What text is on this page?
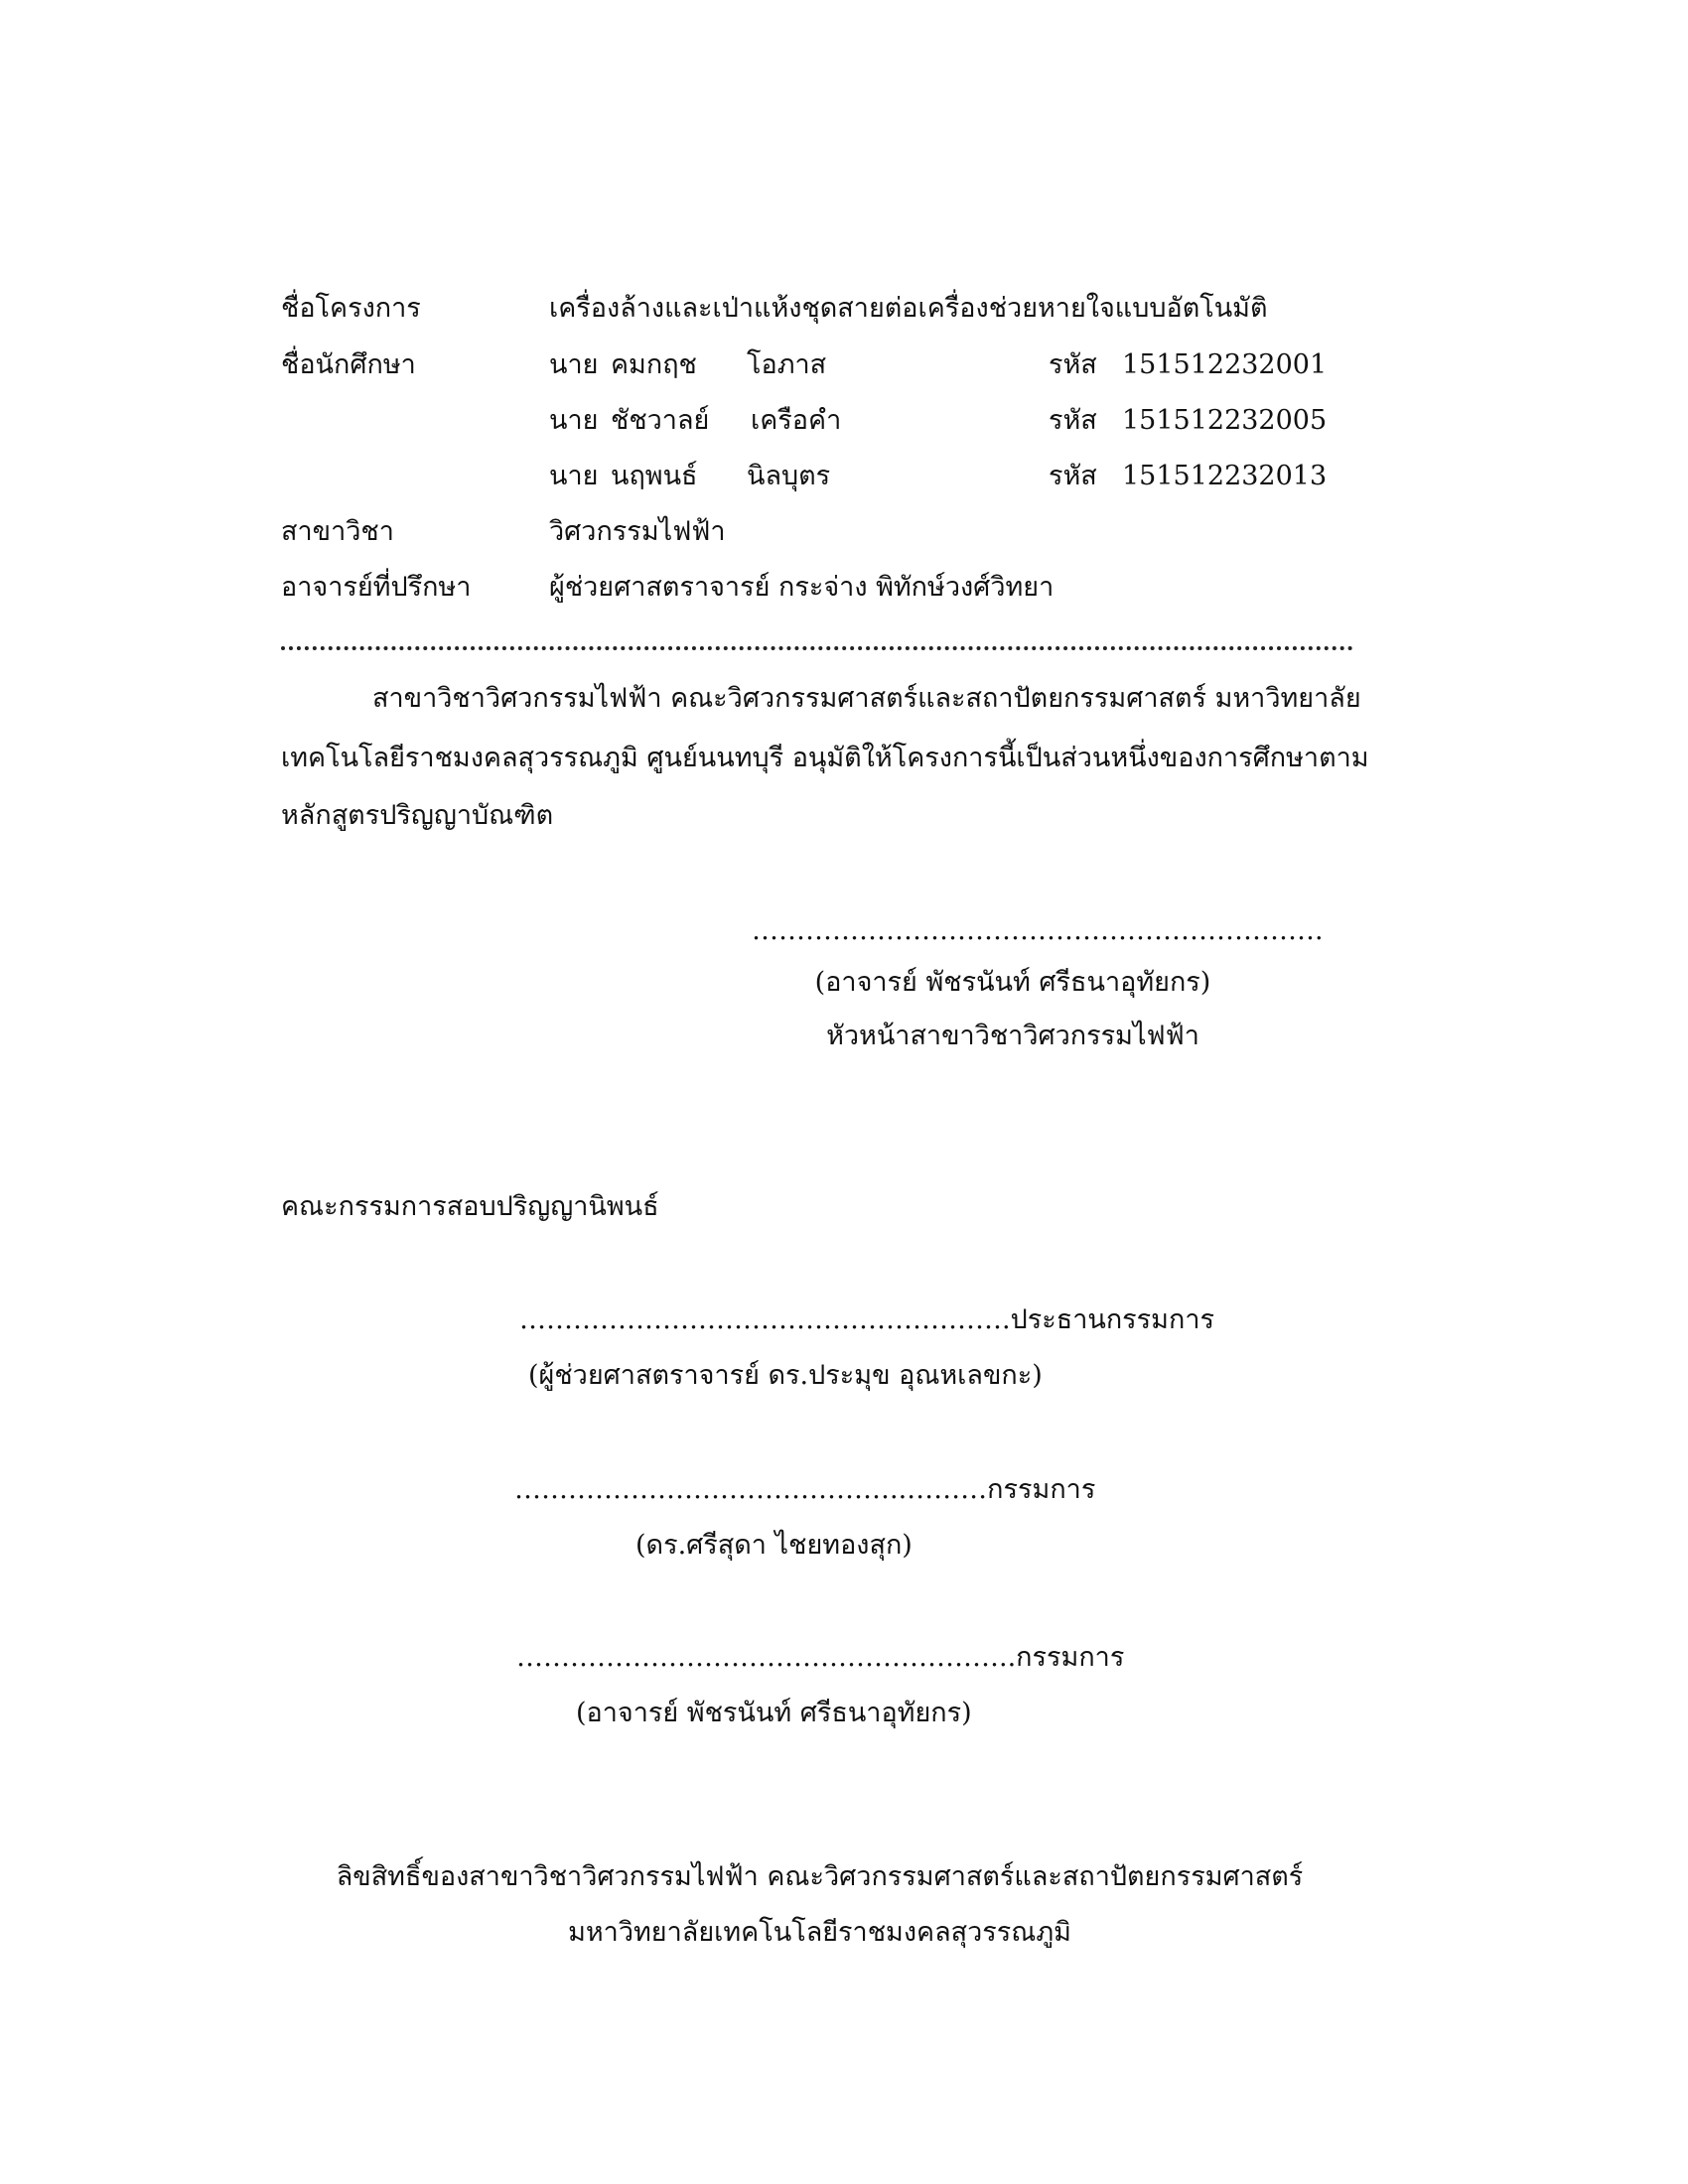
ชื่อโครงการ	เครื่องล้างและเป่าแห้งชุดสายต่อเครื่องช่วยหายใจแบบอัตโนมัติ
ชื่อนักศึกษา	นาย คมกฤช โอภาส	รหัส 151512232001
นาย ชัชวาลย์ เครือคำ	รหัส 151512232005
นาย นฤพนธ์ นิลบุตร	รหัส 151512232013
สาขาวิชา	วิศวกรรมไฟฟ้า
อาจารย์ที่ปรึกษา	ผู้ช่วยศาสตราจารย์ กระจ่าง พิทักษ์วงศ์วิทยา
สาขาวิชาวิศวกรรมไฟฟ้า คณะวิศวกรรมศาสตร์และสถาปัตยกรรมศาสตร์ มหาวิทยาลัย
เทคโนโลยีราชมงคลสุวรรณภูมิ ศูนย์นนทบุรี อนุมัติให้โครงการนี้เป็นส่วนหนึ่งของการศึกษาตาม
หลักสูตรปริญญาบัณฑิต
……………………………………………………….
(อาจารย์ พัชรนันท์ ศรีธนาอุทัยกร)
หัวหน้าสาขาวิชาวิศวกรรมไฟฟ้า
คณะกรรมการสอบปริญญานิพนธ์
……………………………………………….ประธานกรรมการ
(ผู้ช่วยศาสตราจารย์ ดร.ประมุข อุณหเลขกะ)
……………………………………..………กรรมการ
(ดร.ศรีสุดา ไชยทองสุก)
………………………………………………..กรรมการ
(อาจารย์ พัชรนันท์ ศรีธนาอุทัยกร)
ลิขสิทธิ์ของสาขาวิชาวิศวกรรมไฟฟ้า คณะวิศวกรรมศาสตร์และสถาปัตยกรรมศาสตร์
มหาวิทยาลัยเทคโนโลยีราชมงคลสุวรรณภูมิ
